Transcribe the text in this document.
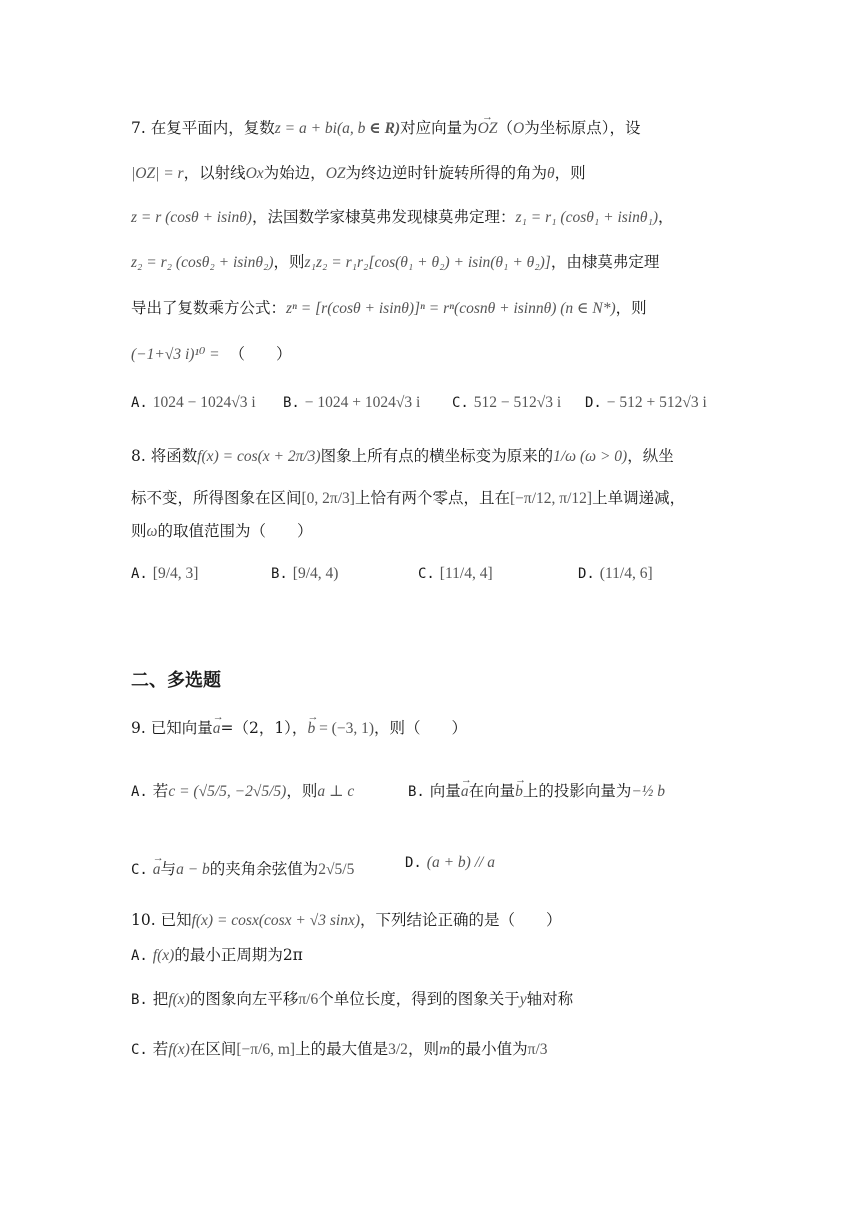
7. 在复平面内，复数z = a + bi(a, b ∈ R)对应向量为→ OZ（O为坐标原点），设
|OZ| = r，以射线Ox为始边，OZ为终边逆时针旋转所得的角为θ，则
z = r (cosθ + isinθ)，法国数学家棣莫弗发现棣莫弗定理：z₁ = r₁ (cosθ₁ + isinθ₁)，
z₂ = r₂ (cosθ₂ + isinθ₂)，则z₁z₂ = r₁r₂[cos(θ₁ + θ₂) + isin(θ₁ + θ₂)]，由棣莫弗定理
导出了复数乘方公式：zⁿ = [r(cosθ + isinθ)]ⁿ = rⁿ(cosnθ + isinnθ) (n ∈ N*)，则
(−1+√3 i)¹⁰ = （　　）
A. 1024 − 1024√3 i B. − 1024 + 1024√3 i C. 512 − 512√3 i D. − 512 + 512√3 i
8. 将函数f(x) = cos(x + 2π/3)图象上所有点的横坐标变为原来的1/ω (ω > 0)，纵坐
标不变，所得图象在区间[0, 2π/3]上恰有两个零点，且在[−π/12, π/12]上单调递减，
则ω的取值范围为（　　）
A. [9/4, 3]	B. [9/4, 4)	C. [11/4, 4]	D. (11/4, 6]
二、多选题
9. 已知向量→ a=（2，1），→ b = (−3, 1)，则（　　）
A. 若c = (√5/5, −2√5/5)，则a ⊥ c	B. 向量→ a在向量→ b上的投影向量为−½ b
C. → a与a − b的夹角余弦值为2√5/5	D. (a + b) // a
10. 已知f(x) = cosx(cosx + √3 sinx)，下列结论正确的是（　　）
A. f(x)的最小正周期为2π
B. 把f(x)的图象向左平移π/6个单位长度，得到的图象关于y轴对称
C. 若f(x)在区间[−π/6, m]上的最大值是3/2，则m的最小值为π/3
